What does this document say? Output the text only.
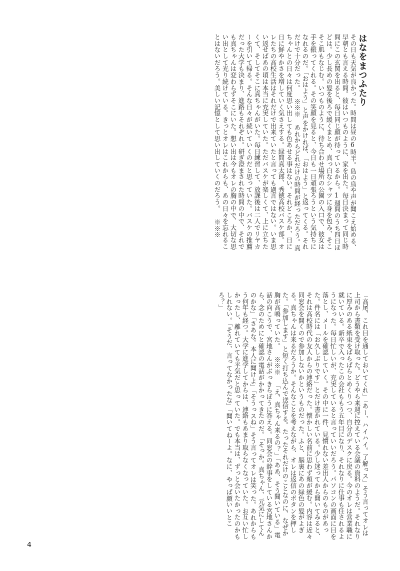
はなをまつふたり
その日も天気が良かった。時間は昼の6時半。島の鳥や声が聞こえ始める、早朝とも言える時間。彼はいつものように、家を出た。毎日決まって同じ時間にこの玄関を出ると、毎日同じ顔が待っているから。1週間のうち四日ほどは。少し長めの髪を後ろで緩くまとめ、真っ白なシャツに身を包み、そこそこ肌もなじむ。いつものように、待ち合わせ場所の公園の入口で、彼女は手を振ってくれる。その笑顔を見ると、今日も一日頑張ろうという気持ちになれるのだ。「おはよう」と声をかければ、「おはよう」と返ってくる。それだけで十分だった。 ※※※ あれからどれだけの時間が経っただろう。真ちゃんとの日々は何度思い出しても色あせる事はない。それどころか、日に日に鮮やかさを増していく気さえする。緑間真太郎、秀徳高校バスケ部。オレたちの高校生活はそれだけで出来ていたと言っても過言ではない。いま思い返せばあの頃は本当に充実していた。ただバスケが楽しくて、上に立ちたくて、そしてそこに真ちゃんがいた。毎日練習して、放課後は二人でリヤカーを引いて帰る。そんな日々が続いていくのだと思っていた。バスケの推薦だった大学も決まり、進路もそれぞれ。研ぎ澄まされた時間の中で、それでも真ちゃんは変わらずそこにいた。想い出は今もオレの胸の中で、大切な思い出として光り続けている。きっとオレはこれからも、あの日々を忘れることはないだろう。美しい記憶として思い出していくのだろう。 ※※※
「高尾、これ目を通しておいてくれ」「あー、ハイハイ。了解っス」そう言ってオレは上司から書類を受け取った。どうやら来週に控えている会議の資料のようだ。それなりに厚みのある紙束をぱらぱらとめくりつつ、自分のデスクに戻る。今のオレは営業職に就いている。新卒で入ったこの会社ももう五年目になり、それなりに仕事も任されるようになった。毎日忙しいが、充実していると言っていいだろう。パソコンの画面に目を落とし、メールを確認していく。その中に一件、見慣れない差出人からのものがあった。件名には「お久しぶりです」とだけ書かれている。少し迷ってから開いてみると、それは高校時代の友人からの連絡だった。懐かしい名前に思わず頬が緩む。内容は近々同窓会を開くので参加しないかというものだった。ふと、脳裏にあの緑色の髪がよぎる。真ちゃんは来るだろうか。そんなことを考えながら、オレは返信のボタンを押した。「参加します」と短く打ち込んで送信する。たったそれだけのことなのに、なぜか胸が高鳴っていた。 ※※※ 「え、真ちゃん来るの？」「ああ、そう聞いている」電話の向こうで、宮地さんがぶっきらぼうに答える。同窓会の幹事をしている宮地さんから、念のためにと確認の電話がかかってきたのだ。「そっか。真ちゃん、元気にしてんのかな」「さあな。本人に聞けよ」「そうっスね」そう言ってオレは笑った。あれからもう何年も経つ。大学に進学してからは、連絡もあまり取らなくなっていた。お互い忙しかったし、離れていても平気だと思っていた。でも本当は、ずっと会いたかったのかもしれない。「そうだ、言ってなかったな」「聞いてねーよ。なに、やっぱ顔いいところ？」
4
